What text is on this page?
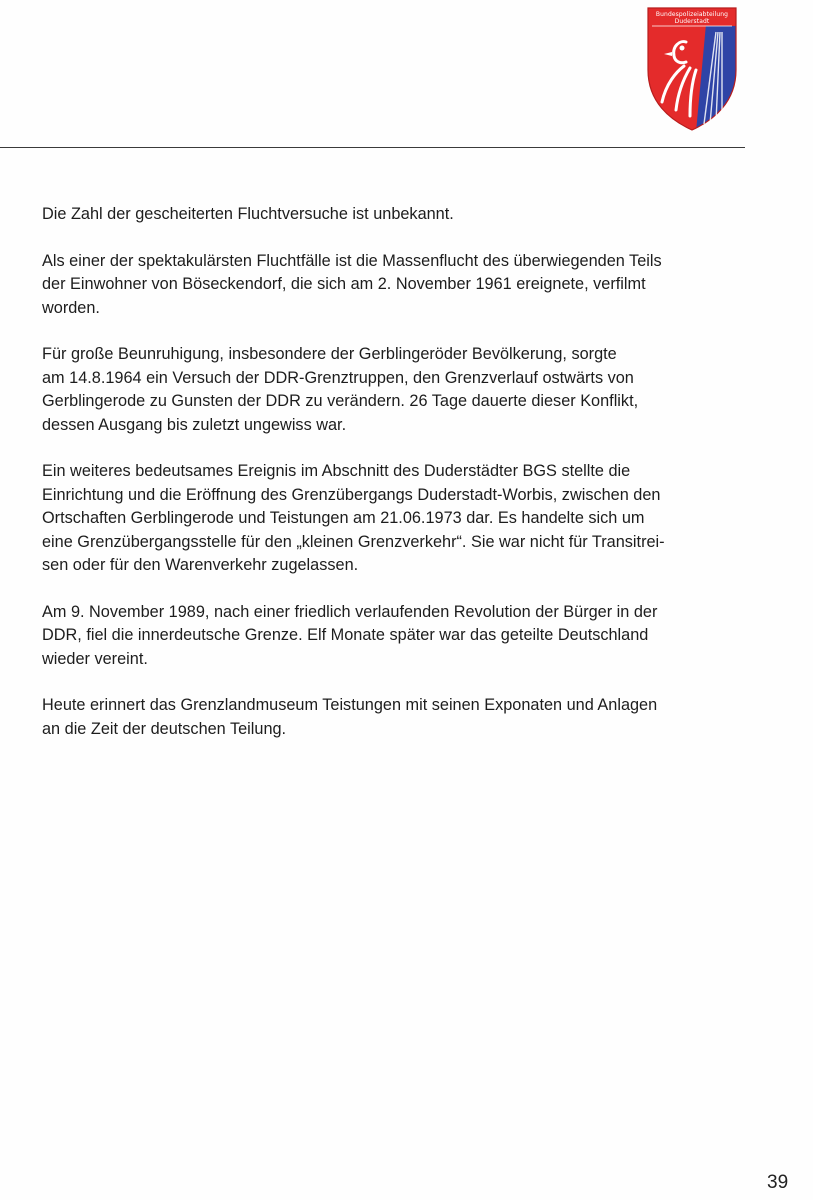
Bundespolizeiabteilung
Duderstadt

Die Zahl der gescheiterten Fluchtversuche ist unbekannt.

Als einer der spektakulärsten Fluchtfälle ist die Massenflucht des überwiegenden Teils
der Einwohner von Böseckendorf, die sich am 2. November 1961 ereignete, verfilmt
worden.

Für große Beunruhigung, insbesondere der Gerblingeröder Bevölkerung, sorgte
am 14.8.1964 ein Versuch der DDR-Grenztruppen, den Grenzverlauf ostwärts von
Gerblingerode zu Gunsten der DDR zu verändern. 26 Tage dauerte dieser Konflikt,
dessen Ausgang bis zuletzt ungewiss war.

Ein weiteres bedeutsames Ereignis im Abschnitt des Duderstädter BGS stellte die
Einrichtung und die Eröffnung des Grenzübergangs Duderstadt-Worbis, zwischen den
Ortschaften Gerblingerode und Teistungen am 21.06.1973 dar. Es handelte sich um
eine Grenzübergangsstelle für den „kleinen Grenzverkehr“. Sie war nicht für Transitrei-
sen oder für den Warenverkehr zugelassen.

Am 9. November 1989, nach einer friedlich verlaufenden Revolution der Bürger in der
DDR, fiel die innerdeutsche Grenze. Elf Monate später war das geteilte Deutschland
wieder vereint.

Heute erinnert das Grenzlandmuseum Teistungen mit seinen Exponaten und Anlagen
an die Zeit der deutschen Teilung.

39
